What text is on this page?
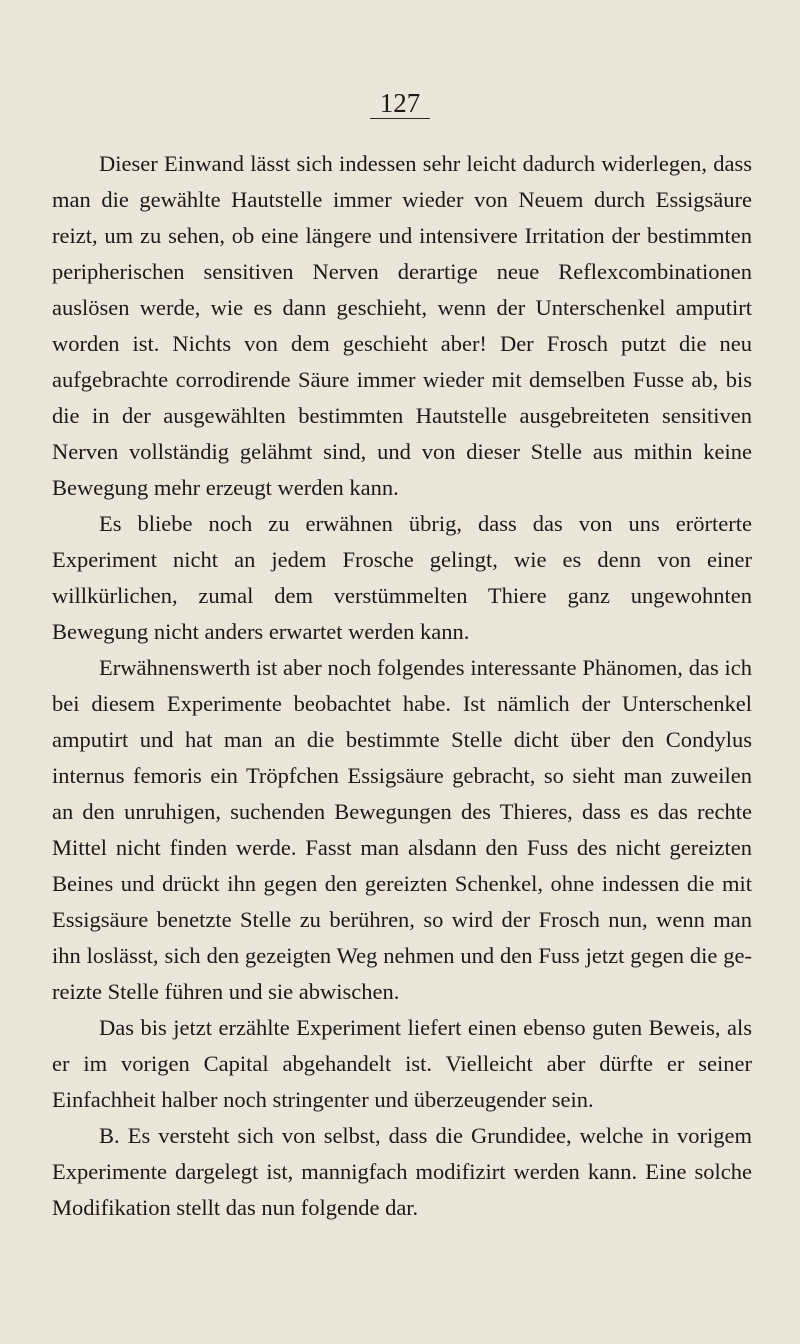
127

Dieser Einwand lässt sich indessen sehr leicht dadurch widerlegen, dass man die gewählte Hautstelle immer wieder von Neuem durch Essigsäure reizt, um zu sehen, ob eine längere und intensivere Irritation der bestimmten peripherischen sensitiven Nerven derartige neue Reflexcombinationen auslösen werde, wie es dann geschieht, wenn der Unterschenkel amputirt worden ist. Nichts von dem geschieht aber! Der Frosch putzt die neu aufgebrachte corrodirende Säure immer wieder mit demselben Fusse ab, bis die in der ausgewählten bestimmten Hautstelle ausgebreiteten sensitiven Nerven vollständig gelähmt sind, und von dieser Stelle aus mithin keine Bewegung mehr erzeugt werden kann.

Es bliebe noch zu erwähnen übrig, dass das von uns erörterte Experiment nicht an jedem Frosche gelingt, wie es denn von einer willkürlichen, zumal dem verstümmelten Thiere ganz ungewohnten Bewegung nicht anders erwartet werden kann.

Erwähnenswerth ist aber noch folgendes interessante Phänomen, das ich bei diesem Experimente beobachtet habe. Ist nämlich der Unterschenkel amputirt und hat man an die bestimmte Stelle dicht über den Condylus internus femoris ein Tröpfchen Essigsäure gebracht, so sieht man zuweilen an den unruhigen, suchenden Bewegungen des Thieres, dass es das rechte Mittel nicht finden werde. Fasst man alsdann den Fuss des nicht gereizten Beines und drückt ihn gegen den gereizten Schenkel, ohne indessen die mit Essigsäure benetzte Stelle zu berühren, so wird der Frosch nun, wenn man ihn loslässt, sich den gezeigten Weg nehmen und den Fuss jetzt gegen die gereizte Stelle führen und sie abwischen.

Das bis jetzt erzählte Experiment liefert einen ebenso guten Beweis, als er im vorigen Capital abgehandelt ist. Vielleicht aber dürfte er seiner Einfachheit halber noch stringenter und überzeugender sein.

B. Es versteht sich von selbst, dass die Grundidee, welche in vorigem Experimente dargelegt ist, mannigfach modifizirt werden kann. Eine solche Modifikation stellt das nun folgende dar.
